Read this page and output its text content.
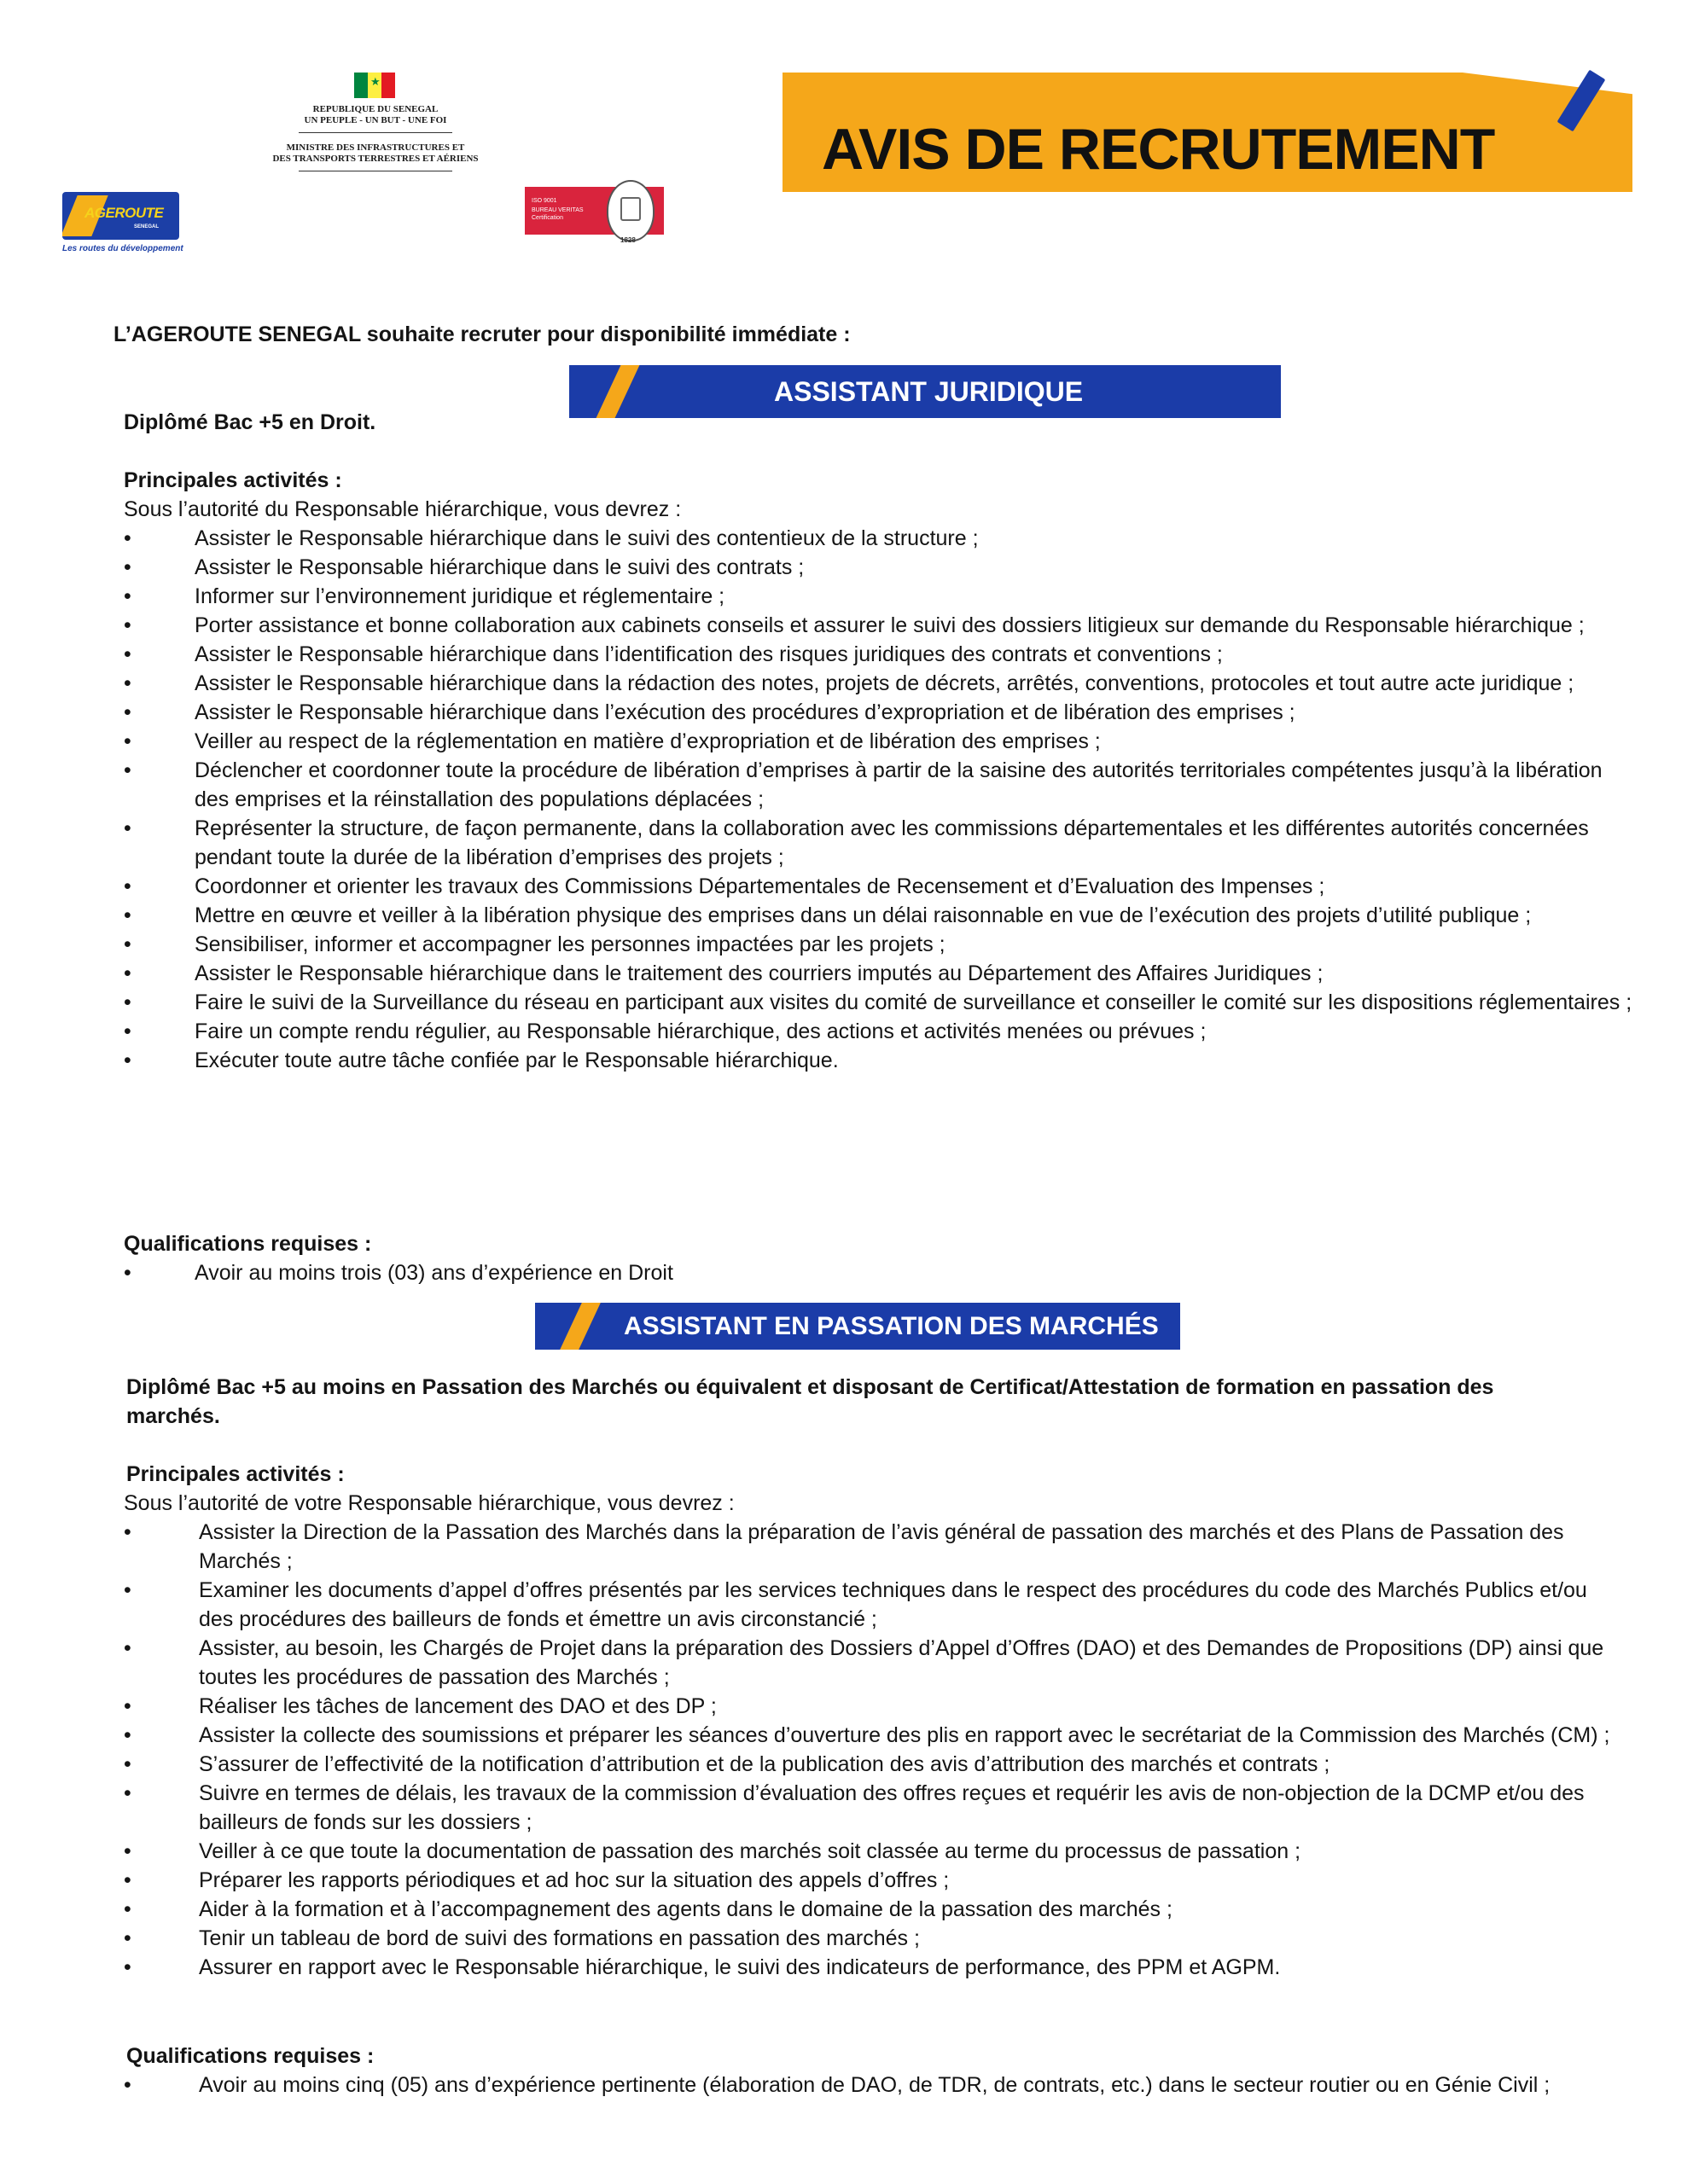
★
REPUBLIQUE DU SENEGAL
UN PEUPLE - UN BUT - UNE FOI
MINISTRE DES INFRASTRUCTURES ET
DES TRANSPORTS TERRESTRES ET AÉRIENS
AGEROUTE
SENEGAL
Les routes du développement
ISO 9001
BUREAU VERITAS
Certification
1828
AVIS DE RECRUTEMENT
L’AGEROUTE SENEGAL souhaite recruter pour disponibilité immédiate :
ASSISTANT JURIDIQUE
Diplômé Bac +5 en Droit.
Principales activités :
Sous l’autorité du Responsable hiérarchique, vous devrez :
•	Assister le Responsable hiérarchique dans le suivi des contentieux de la structure ;
•	Assister le Responsable hiérarchique dans le suivi des contrats ;
•	Informer sur l’environnement juridique et réglementaire ;
•	Porter assistance et bonne collaboration aux cabinets conseils et assurer le suivi des dossiers litigieux sur demande du Responsable hiérarchique ;
•	Assister le Responsable hiérarchique dans l’identification des risques juridiques des contrats et conventions ;
•	Assister le Responsable hiérarchique dans la rédaction des notes, projets de décrets, arrêtés, conventions, protocoles et tout autre acte juridique ;
•	Assister le Responsable hiérarchique dans l’exécution des procédures d’expropriation et de libération des emprises ;
•	Veiller au respect de la réglementation en matière d’expropriation et de libération des emprises ;
•	Déclencher et coordonner toute la procédure de libération d’emprises à partir de la saisine des autorités territoriales compétentes jusqu’à la libération des emprises et la réinstallation des populations déplacées ;
•	Représenter la structure, de façon permanente, dans la collaboration avec les commissions départementales et les différentes autorités concernées pendant toute la durée de la libération d’emprises des projets ;
•	Coordonner et orienter les travaux des Commissions Départementales de Recensement et d’Evaluation des Impenses ;
•	Mettre en œuvre et veiller à la libération physique des emprises dans un délai raisonnable en vue de l’exécution des projets d’utilité publique ;
•	Sensibiliser, informer et accompagner les personnes impactées par les projets ;
•	Assister le Responsable hiérarchique dans le traitement des courriers imputés au Département des Affaires Juridiques ;
•	Faire le suivi de la Surveillance du réseau en participant aux visites du comité de surveillance et conseiller le comité sur les dispositions réglementaires ;
•	Faire un compte rendu régulier, au Responsable hiérarchique, des actions et activités menées ou prévues ;
•	Exécuter toute autre tâche confiée par le Responsable hiérarchique.
Qualifications requises :
•	Avoir au moins trois (03) ans d’expérience en Droit
ASSISTANT EN PASSATION DES MARCHÉS
Diplômé Bac +5 au moins en Passation des Marchés ou équivalent et disposant de Certificat/Attestation de formation en passation des
marchés.
Principales activités :
Sous l’autorité de votre Responsable hiérarchique, vous devrez :
•	Assister la Direction de la Passation des Marchés dans la préparation de l’avis général de passation des marchés et des Plans de Passation des Marchés ;
•	Examiner les documents d’appel d’offres présentés par les services techniques dans le respect des procédures du code des Marchés Publics et/ou des procédures des bailleurs de fonds et émettre un avis circonstancié ;
•	Assister, au besoin, les Chargés de Projet dans la préparation des Dossiers d’Appel d’Offres (DAO) et des Demandes de Propositions (DP) ainsi que toutes les procédures de passation des Marchés ;
•	Réaliser les tâches de lancement des DAO et des DP ;
•	Assister la collecte des soumissions et préparer les séances d’ouverture des plis en rapport avec le secrétariat de la Commission des Marchés (CM) ;
•	S’assurer de l’effectivité de la notification d’attribution et de la publication des avis d’attribution des marchés et contrats ;
•	Suivre en termes de délais, les travaux de la commission d’évaluation des offres reçues et requérir les avis de non-objection de la DCMP et/ou des bailleurs de fonds sur les dossiers ;
•	Veiller à ce que toute la documentation de passation des marchés soit classée au terme du processus de passation ;
•	Préparer les rapports périodiques et ad hoc sur la situation des appels d’offres ;
•	Aider à la formation et à l’accompagnement des agents dans le domaine de la passation des marchés ;
•	Tenir un tableau de bord de suivi des formations en passation des marchés ;
•	Assurer en rapport avec le Responsable hiérarchique, le suivi des indicateurs de performance, des PPM et AGPM.
Qualifications requises :
•	Avoir au moins cinq (05) ans d’expérience pertinente (élaboration de DAO, de TDR, de contrats, etc.) dans le secteur routier ou en Génie Civil ;
